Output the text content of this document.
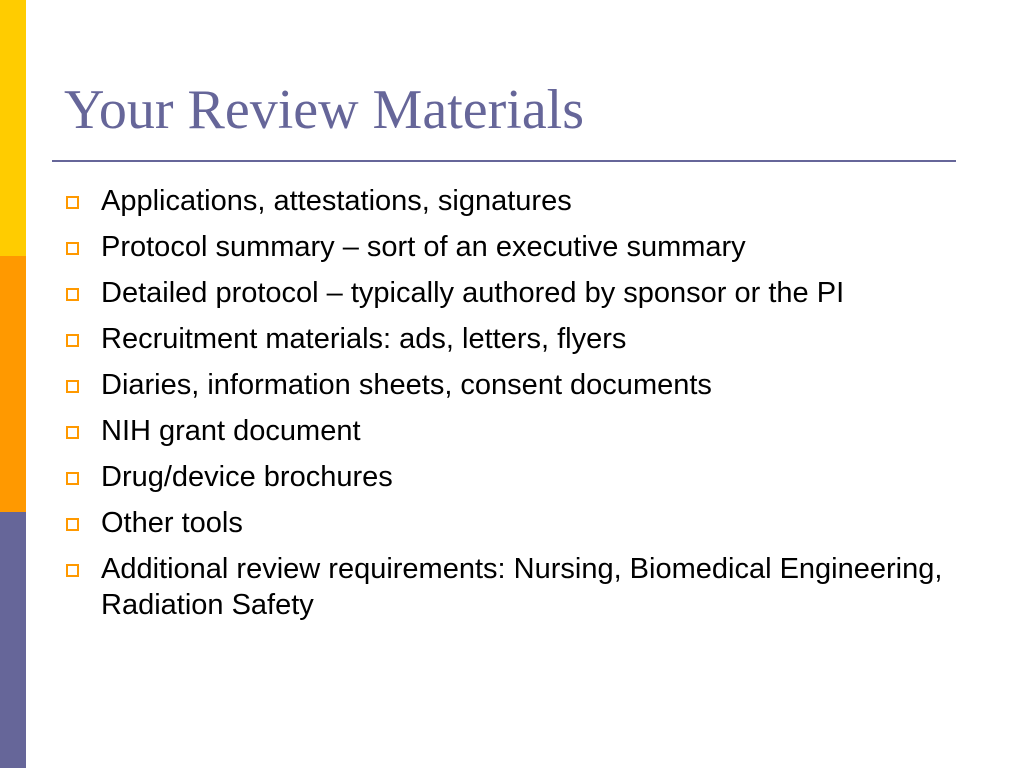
Your Review Materials
Applications, attestations, signatures
Protocol summary – sort of an executive summary
Detailed protocol – typically authored by sponsor or the PI
Recruitment materials: ads, letters, flyers
Diaries, information sheets, consent documents
NIH grant document
Drug/device brochures
Other tools
Additional review requirements: Nursing, Biomedical Engineering, Radiation Safety
